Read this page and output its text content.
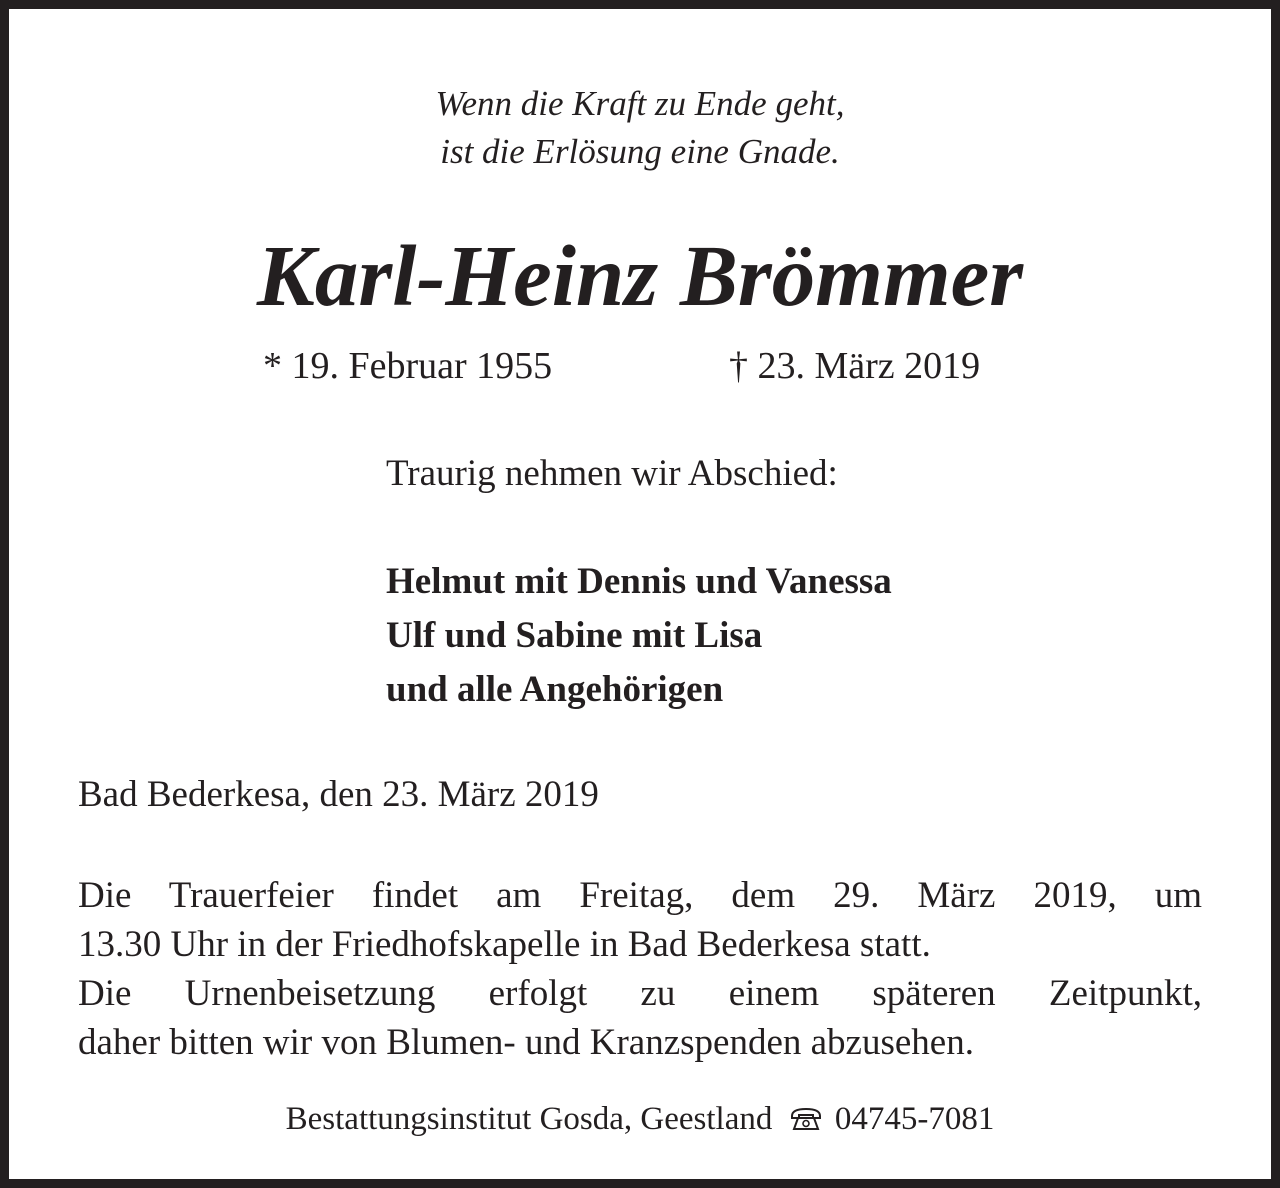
Wenn die Kraft zu Ende geht,
ist die Erlösung eine Gnade.
Karl-Heinz Brömmer
* 19. Februar 1955	† 23. März 2019
Traurig nehmen wir Abschied:
Helmut mit Dennis und Vanessa
Ulf und Sabine mit Lisa
und alle Angehörigen
Bad Bederkesa, den 23. März 2019
Die Trauerfeier findet am Freitag, dem 29. März 2019, um
13.30 Uhr in der Friedhofskapelle in Bad Bederkesa statt.
Die Urnenbeisetzung erfolgt zu einem späteren Zeitpunkt,
daher bitten wir von Blumen- und Kranzspenden abzusehen.
Bestattungsinstitut Gosda, Geestland 04745-7081
